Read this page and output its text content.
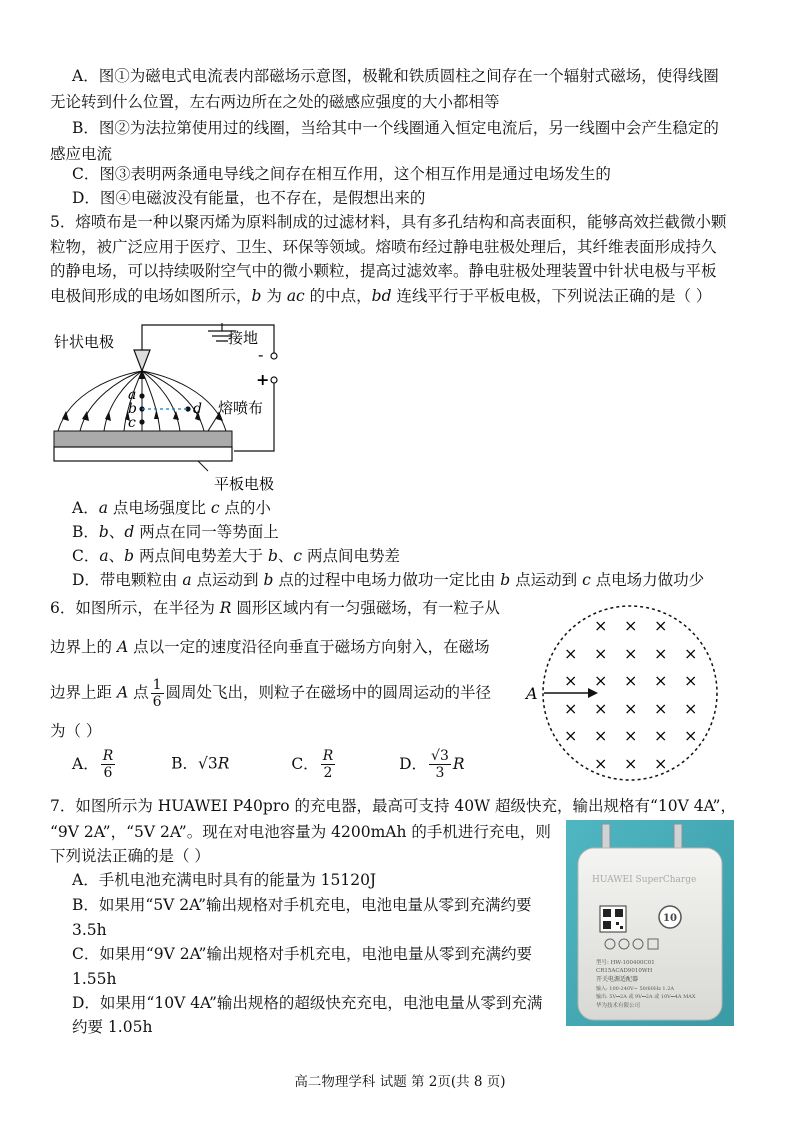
A．图①为磁电式电流表内部磁场示意图，极靴和铁质圆柱之间存在一个辐射式磁场，使得线圈
无论转到什么位置，左右两边所在之处的磁感应强度的大小都相等
B．图②为法拉第使用过的线圈，当给其中一个线圈通入恒定电流后，另一线圈中会产生稳定的
感应电流
C．图③表明两条通电导线之间存在相互作用，这个相互作用是通过电场发生的
D．图④电磁波没有能量，也不存在，是假想出来的
5．熔喷布是一种以聚丙烯为原料制成的过滤材料，具有多孔结构和高表面积，能够高效拦截微小颗
粒物，被广泛应用于医疗、卫生、环保等领域。熔喷布经过静电驻极处理后，其纤维表面形成持久
的静电场，可以持续吸附空气中的微小颗粒，提高过滤效率。静电驻极处理装置中针状电极与平板
电极间形成的电场如图所示，b 为 ac 的中点，bd 连线平行于平板电极，下列说法正确的是（ ）
接地
-
+
针状电极
a
b
c
d 熔喷布
平板电极
A．a 点电场强度比 c 点的小
B．b、d 两点在同一等势面上
C．a、b 两点间电势差大于 b、c 两点间电势差
D．带电颗粒由 a 点运动到 b 点的过程中电场力做功一定比由 b 点运动到 c 点电场力做功少
6．如图所示，在半径为 R 圆形区域内有一匀强磁场，有一粒子从
边界上的 A 点以一定的速度沿径向垂直于磁场方向射入，在磁场
边界上距 A 点 $\frac{1}{6}$ 圆周处飞出，则粒子在磁场中的圆周运动的半径
为（ ）
A
× × ×
× × × × ×
× × × × ×
× × × × ×
× × × × ×
× × ×
A． $\frac{R}{6}$	B．√3R	C． $\frac{R}{2}$	D． $\frac{√3}{3}$ R
7．如图所示为 HUAWEI P40pro 的充电器，最高可支持 40W 超级快充，输出规格有“10V 4A”，
“9V 2A”，“5V 2A”。现在对电池容量为 4200mAh 的手机进行充电，则
下列说法正确的是（ ）
A．手机电池充满电时具有的能量为 15120J
B．如果用“5V 2A”输出规格对手机充电，电池电量从零到充满约要
3.5h
C．如果用“9V 2A”输出规格对手机充电，电池电量从零到充满约要
1.55h
D．如果用“10V 4A”输出规格的超级快充充电，电池电量从零到充满
约要 1.05h
HUAWEI SuperCharge
10
型号: HW-100400C01
CR15ACAD9010WH
开关电源适配器
输入: 100-240V~ 50/60Hz 1.2A
输出: 5V⎓2A 或 9V⎓2A 或 10V⎓4A MAX
华为技术有限公司
高二物理学科 试题 第 2页(共 8 页)
